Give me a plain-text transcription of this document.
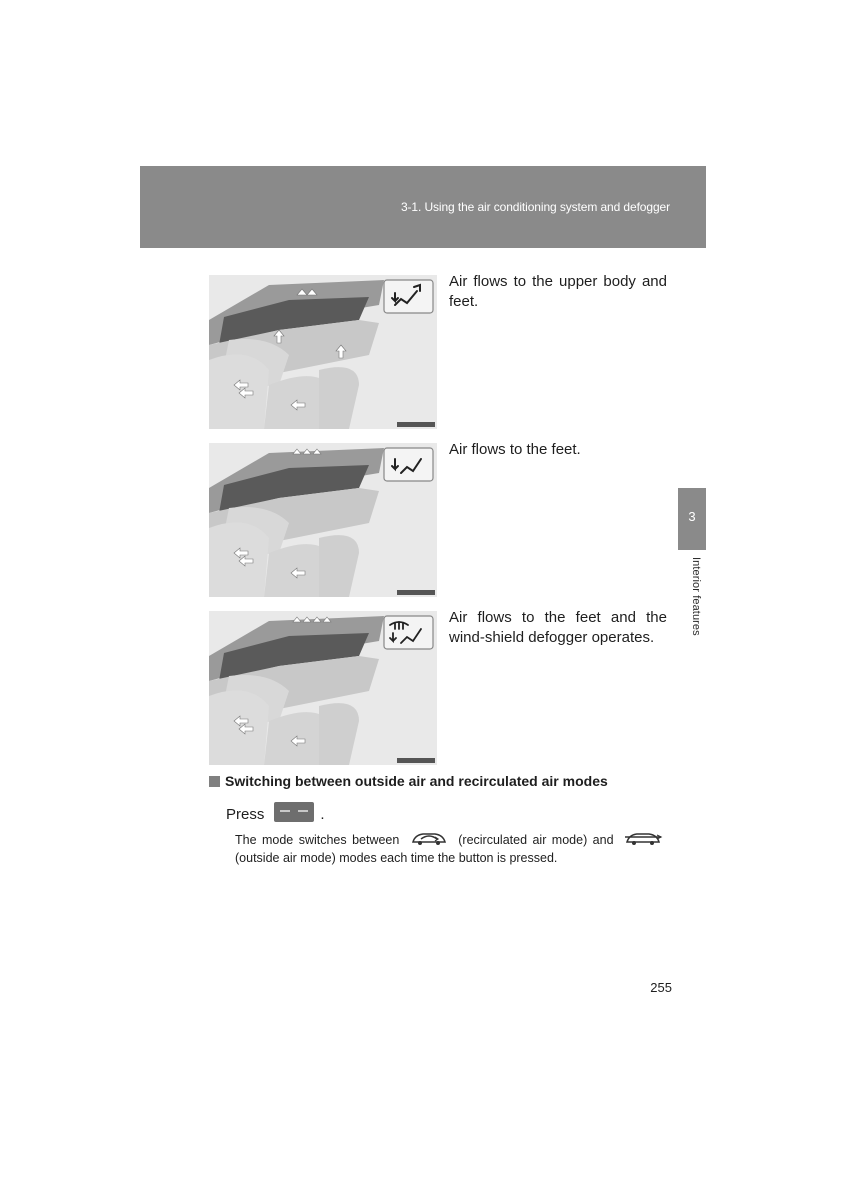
3-1. Using the air conditioning system and defogger
3
Interior features
Air flows to the upper body and feet.
Air flows to the feet.
Air flows to the feet and the wind-shield defogger operates.
Switching between outside air and recirculated air modes
Press	.
The mode switches between	(recirculated air mode) and  (outside air mode) modes each time the button is pressed.
255
